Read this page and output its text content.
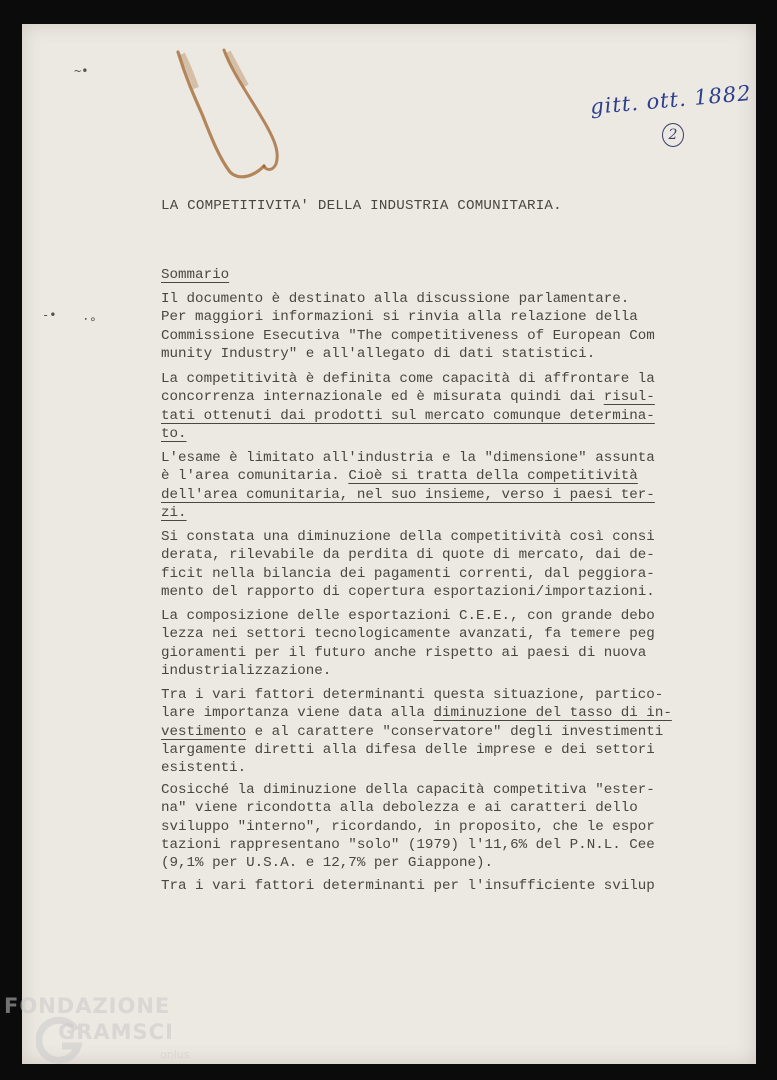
~•
-• ⋅∘
gitt. ott. 1882
2
LA COMPETITIVITA' DELLA INDUSTRIA COMUNITARIA.
Sommario
Il documento è destinato alla discussione parlamentare.
Per maggiori informazioni si rinvia alla relazione della
Commissione Esecutiva "The competitiveness of European Com
munity Industry" e all'allegato di dati statistici.
La competitività è definita come capacità di affrontare la
concorrenza internazionale ed è misurata quindi dai risul-
tati ottenuti dai prodotti sul mercato comunque determina-
to.
L'esame è limitato all'industria e la "dimensione" assunta
è l'area comunitaria. Cioè si tratta della competitività
dell'area comunitaria, nel suo insieme, verso i paesi ter-
zi.
Si constata una diminuzione della competitività così consi
derata, rilevabile da perdita di quote di mercato, dai de-
ficit nella bilancia dei pagamenti correnti, dal peggiora-
mento del rapporto di copertura esportazioni/importazioni.
La composizione delle esportazioni C.E.E., con grande debo
lezza nei settori tecnologicamente avanzati, fa temere peg
gioramenti per il futuro anche rispetto ai paesi di nuova
industrializzazione.
Tra i vari fattori determinanti questa situazione, partico-
lare importanza viene data alla diminuzione del tasso di in-
vestimento e al carattere "conservatore" degli investimenti
largamente diretti alla difesa delle imprese e dei settori
esistenti.
Cosicché la diminuzione della capacità competitiva "ester-
na" viene ricondotta alla debolezza e ai caratteri dello
sviluppo "interno", ricordando, in proposito, che le espor
tazioni rappresentano "solo" (1979) l'11,6% del P.N.L. Cee
(9,1% per U.S.A. e 12,7% per Giappone).
Tra i vari fattori determinanti per l'insufficiente svilup
FONDAZIONE
GRAMSCI
onlus
